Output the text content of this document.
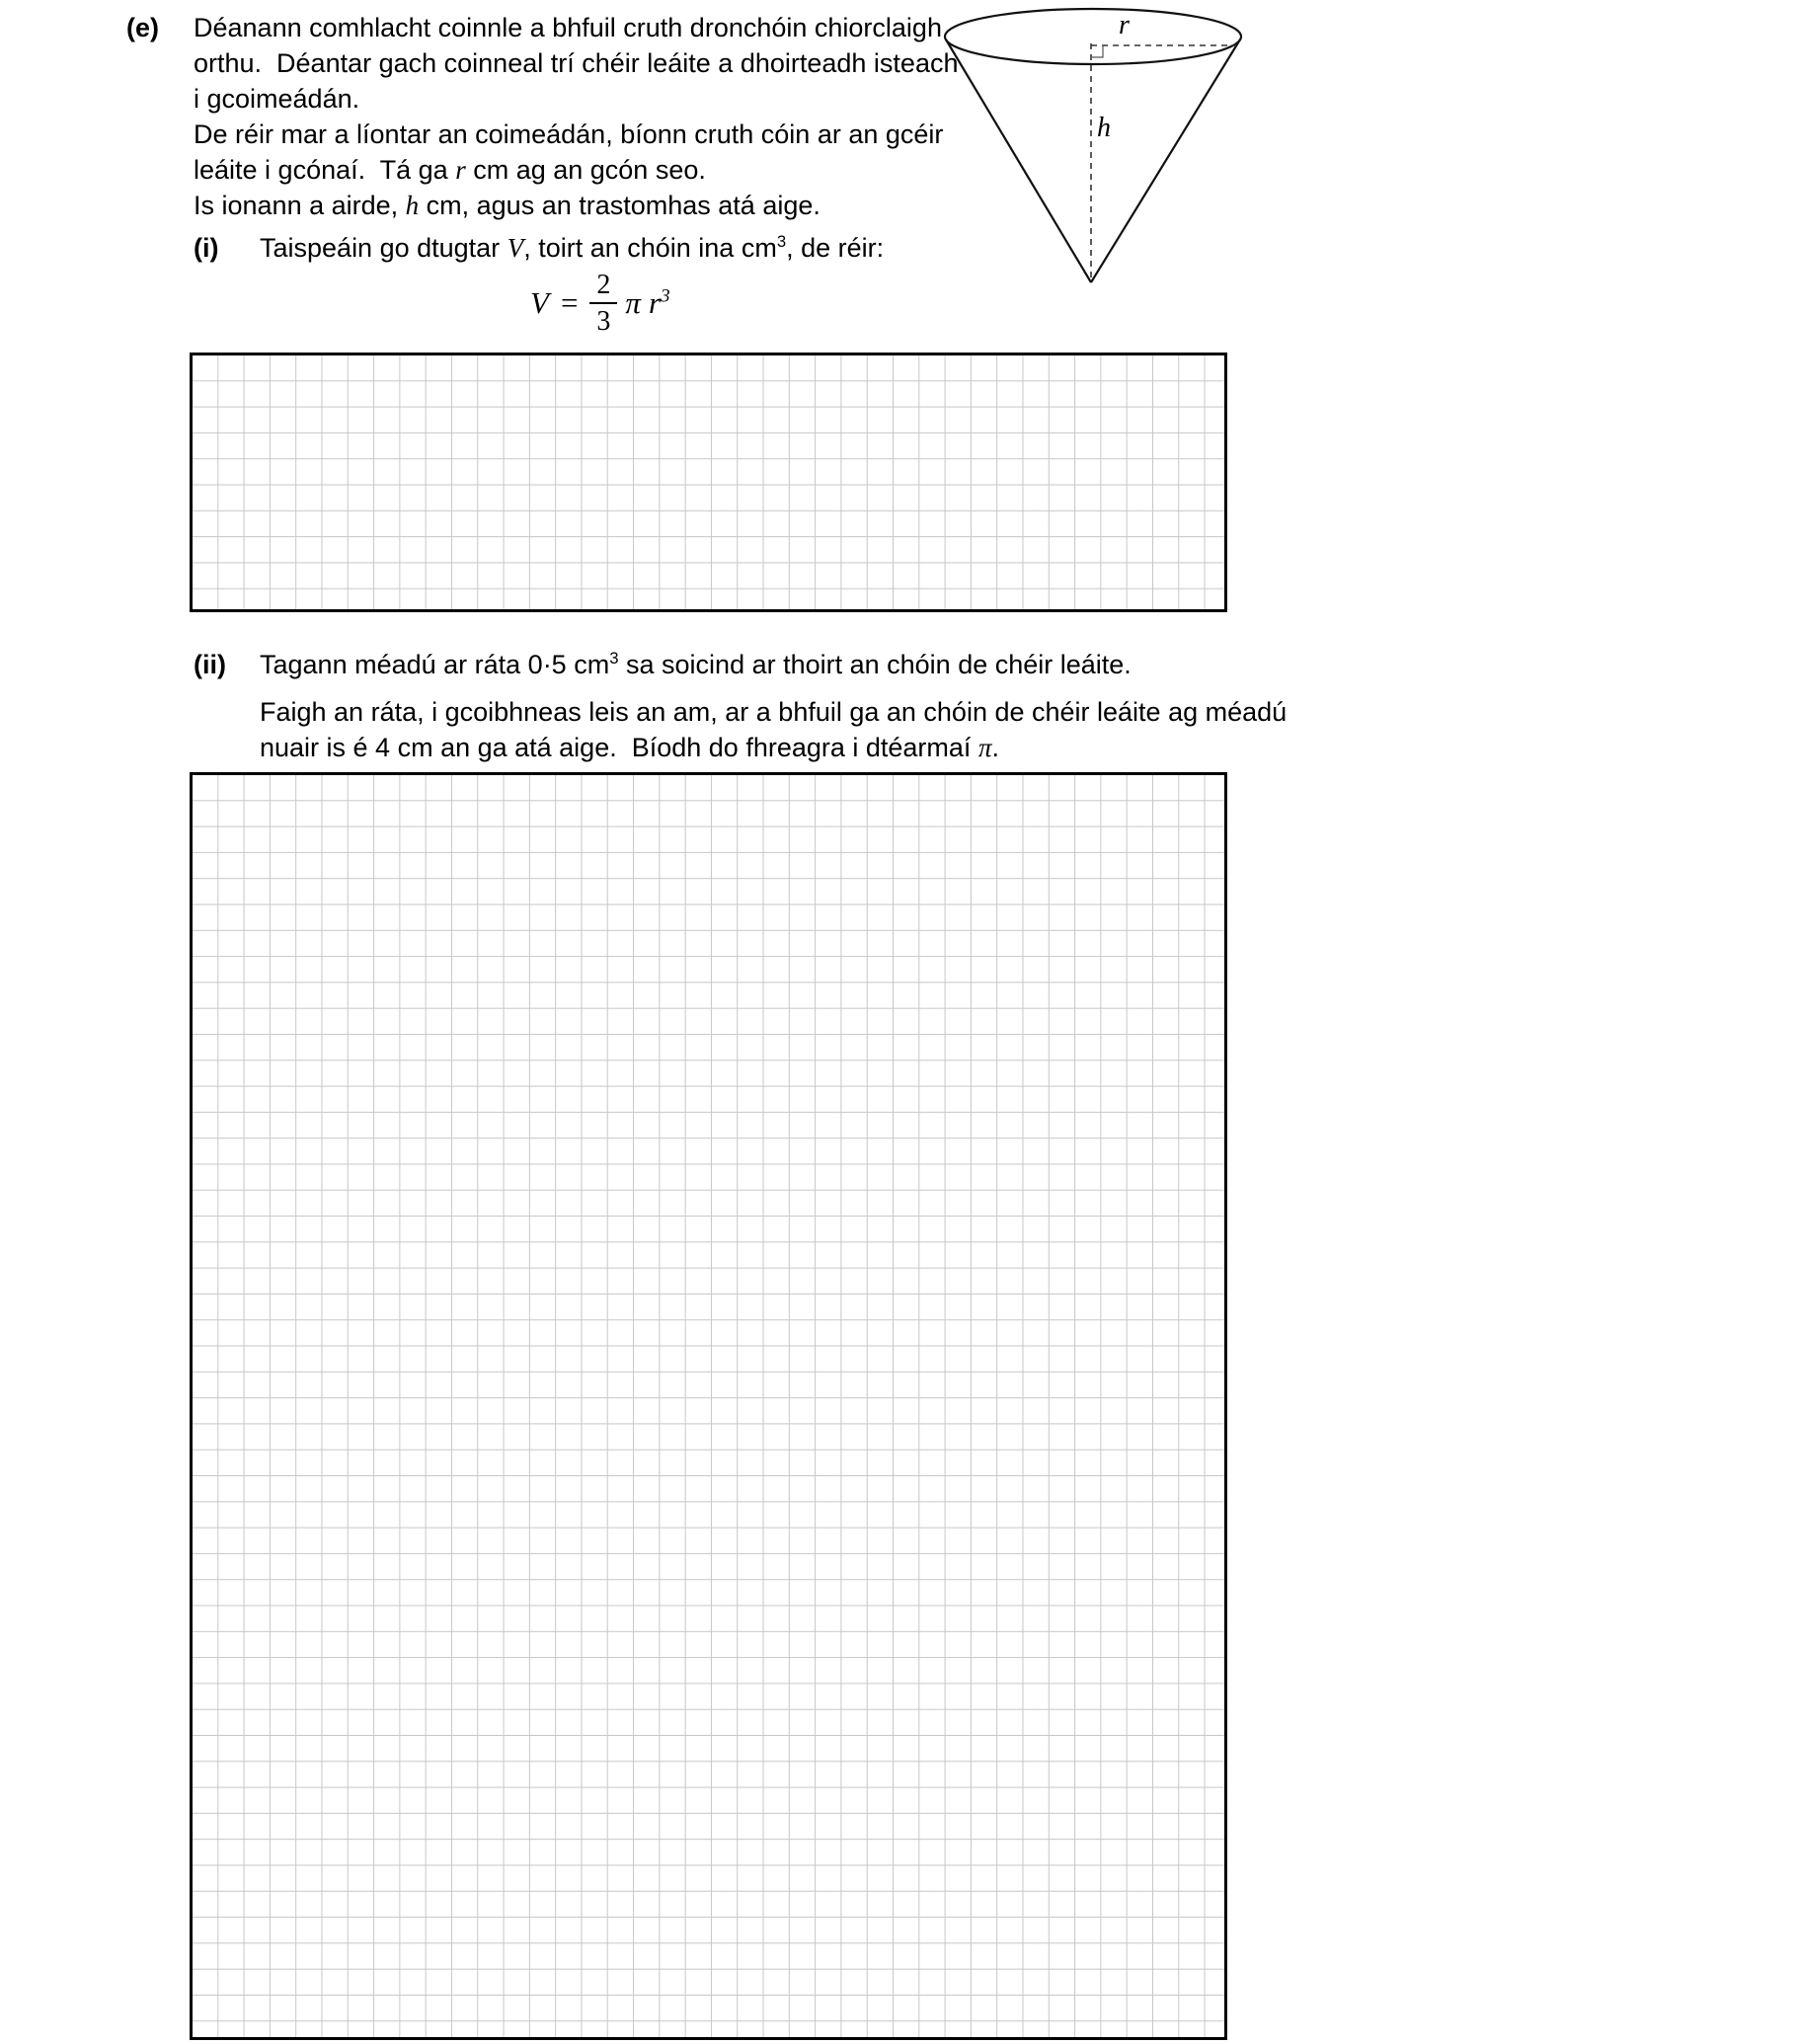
(e) Déanann comhlacht coinnle a bhfuil cruth dronchóin chiorclaigh
orthu.  Déantar gach coinneal trí chéir leáite a dhoirteadh isteach
i gcoimeádán.
De réir mar a líontar an coimeádán, bíonn cruth cóin ar an gcéir
leáite i gcónaí.  Tá ga r cm ag an gcón seo.
Is ionann a airde, h cm, agus an trastomhas atá aige.
r
h
(i) Taispeáin go dtugtar V, toirt an chóin ina $cm^3$, de réir:
$V = \frac{2}{3}$ π $r^3$
(ii) Tagann méadú ar ráta 0·5 $cm^3$ sa soicind ar thoirt an chóin de chéir leáite.
Faigh an ráta, i gcoibhneas leis an am, ar a bhfuil ga an chóin de chéir leáite ag méadú
nuair is é 4 cm an ga atá aige.  Bíodh do fhreagra i dtéarmaí π.
